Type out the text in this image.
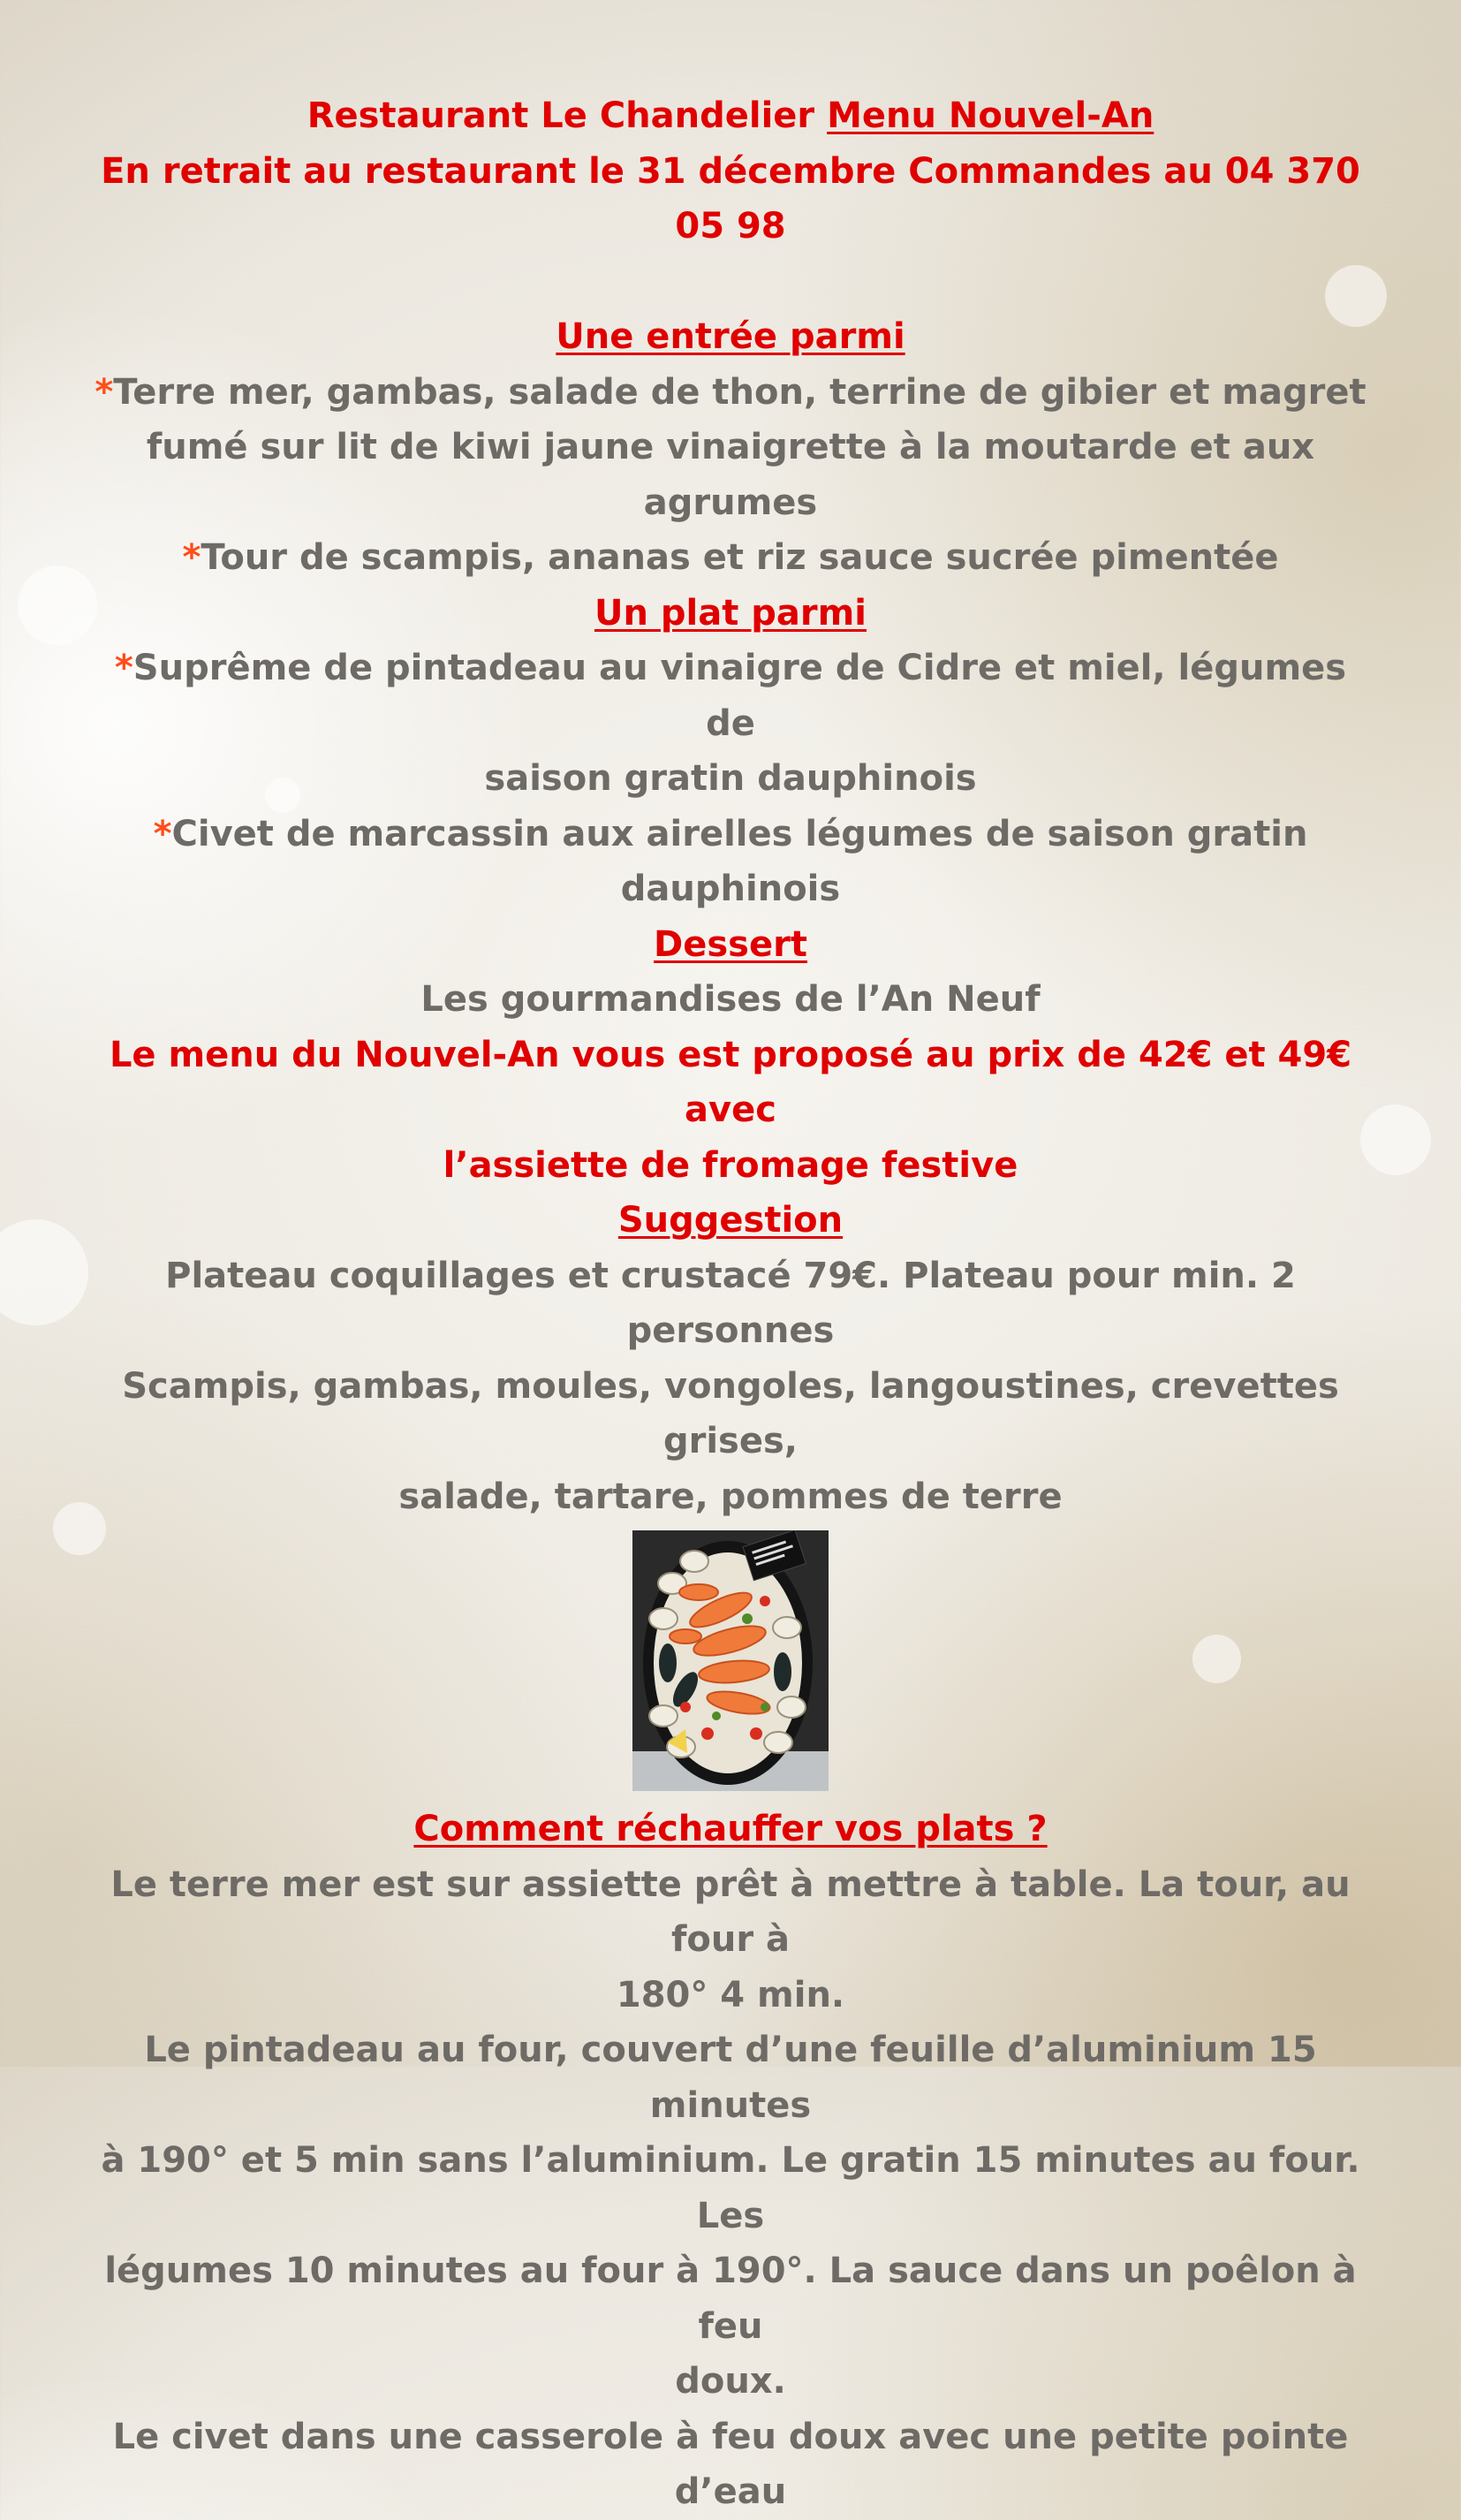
Restaurant Le Chandelier Menu Nouvel-An

En retrait au restaurant le 31 décembre Commandes au 04 370 05 98

Une entrée parmi

*Terre mer, gambas, salade de thon, terrine de gibier et magret

fumé sur lit de kiwi jaune vinaigrette à la moutarde et aux agrumes

*Tour de scampis, ananas et riz sauce sucrée pimentée

Un plat parmi

*Suprême de pintadeau au vinaigre de Cidre et miel, légumes de

saison gratin dauphinois

*Civet de marcassin aux airelles légumes de saison gratin

dauphinois

Dessert

Les gourmandises de l’An Neuf

Le menu du Nouvel-An vous est proposé au prix de 42€ et 49€ avec

l’assiette de fromage festive

Suggestion

Plateau coquillages et crustacé 79€. Plateau pour min. 2 personnes

Scampis, gambas, moules, vongoles, langoustines, crevettes grises,

salade, tartare, pommes de terre

Comment réchauffer vos plats ?

Le terre mer est sur assiette prêt à mettre à table. La tour, au four à

180° 4 min.

Le pintadeau au four, couvert d’une feuille d’aluminium 15 minutes

à 190° et 5 min sans l’aluminium. Le gratin 15 minutes au four. Les

légumes 10 minutes au four à 190°. La sauce dans un poêlon à feu

doux.

Le civet dans une casserole à feu doux avec une petite pointe d’eau
